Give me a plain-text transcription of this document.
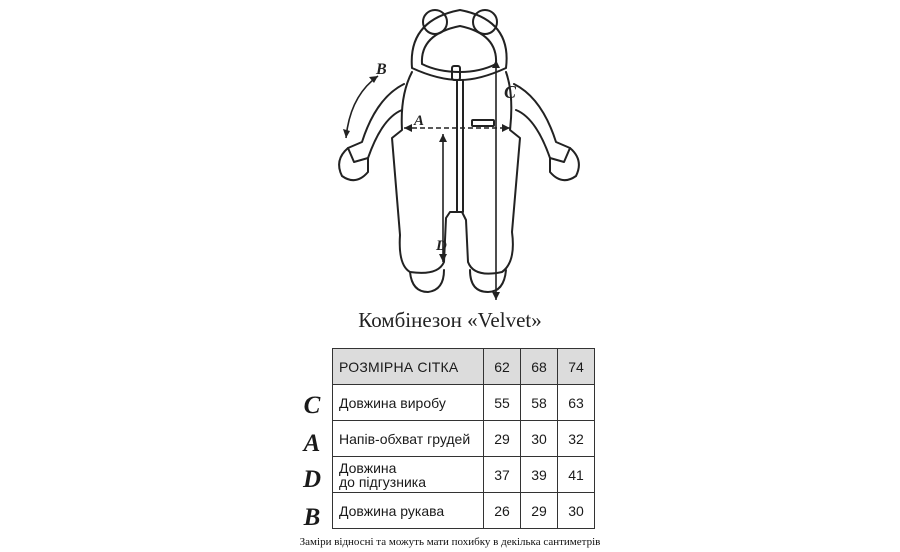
B
A
C
D
Комбінезон «Velvet»
C
A
D
B
РОЗМІРНА СІТКА	62	68	74
Довжина виробу	55	58	63
Напів-обхват грудей	29	30	32
Довжина
до підгузника	37	39	41
Довжина рукава	26	29	30
Заміри відносні та можуть мати похибку в декілька сантиметрів
